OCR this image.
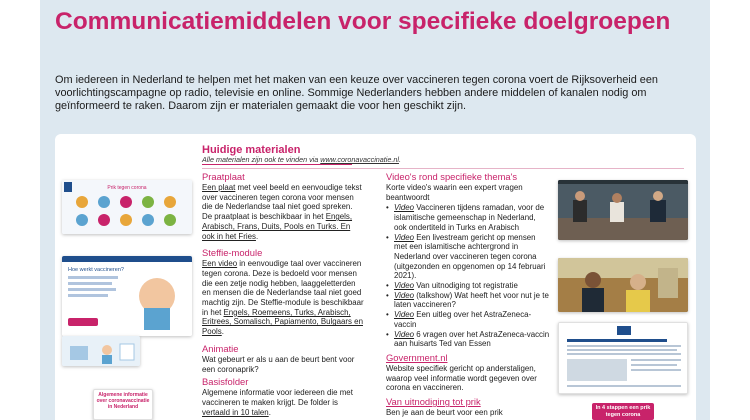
Communicatiemiddelen voor specifieke doelgroepen

Om iedereen in Nederland te helpen met het maken van een keuze over vaccineren tegen corona voert de Rijksoverheid een voorlichtingscampagne op radio, televisie en online. Sommige Nederlanders hebben andere middelen of kanalen nodig om geïnformeerd te raken. Daarom zijn er materialen gemaakt die voor hen geschikt zijn.

Huidige materialen
Alle materialen zijn ook te vinden via www.coronavaccinatie.nl.
Prik tegen corona
Hoe werkt vaccineren?
Algemene informatie over coronavaccinatie in Nederland
Praatplaat

Een plaat met veel beeld en eenvoudige tekst over vaccineren tegen corona voor mensen die de Nederlandse taal niet goed spreken. De praatplaat is beschikbaar in het Engels, Arabisch, Frans, Duits, Pools en Turks. En ook in het Fries.

Steffie-module

Een video in eenvoudige taal over vaccineren tegen corona. Deze is bedoeld voor mensen die een zetje nodig hebben, laaggeletterden en mensen die de Nederlandse taal niet goed machtig zijn. De Steffie-module is beschikbaar in het Engels, Roemeens, Turks, Arabisch, Eritrees, Somalisch, Papiamento, Bulgaars en Pools.

Animatie

Wat gebeurt er als u aan de beurt bent voor een coronaprik?

Basisfolder

Algemene informatie voor iedereen die met vaccineren te maken krijgt. De folder is vertaald in 10 talen.

Video's rond specifieke thema's

Korte video's waarin een expert vragen beantwoordt

• Video Vaccineren tijdens ramadan, voor de islamitische gemeenschap in Nederland, ook ondertiteld in Turks en Arabisch
• Video Een livestream gericht op mensen met een islamitische achtergrond in Nederland over vaccineren tegen corona (uitgezonden en opgenomen op 14 februari 2021).
• Video Van uitnodiging tot registratie
• Video (talkshow) Wat heeft het voor nut je te laten vaccineren?
• Video Een uitleg over het AstraZeneca-vaccin
• Video 6 vragen over het AstraZeneca-vaccin aan huisarts Ted van Essen
Government.nl

Website specifiek gericht op anderstaligen, waarop veel informatie wordt gegeven over corona en vaccineren.

Van uitnodiging tot prik

Ben je aan de beurt voor een prik

In 4 stappen een prik tegen corona
